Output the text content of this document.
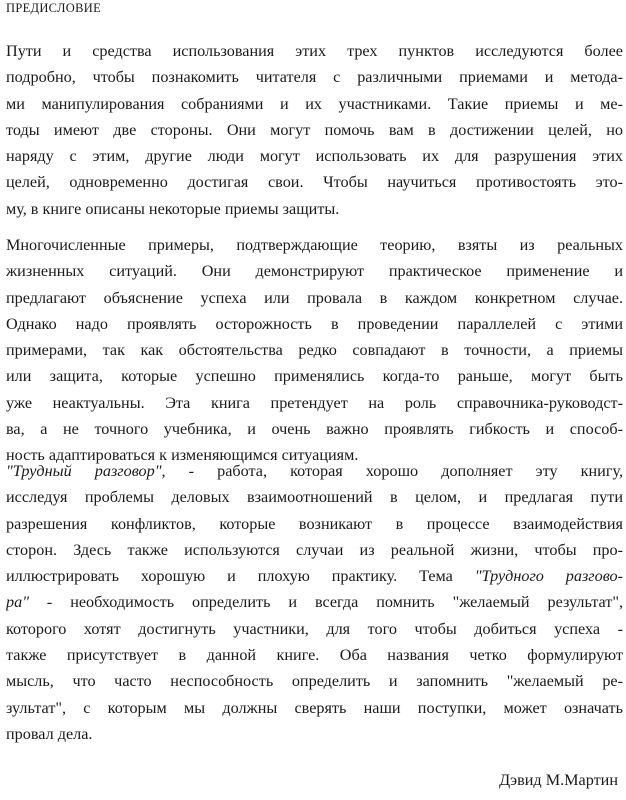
ПРЕДИСЛОВИЕ
Пути и средства использования этих трех пунктов исследуются более
подробно, чтобы познакомить читателя с различными приемами и метода-
ми манипулирования собраниями и их участниками. Такие приемы и ме-
тоды имеют две стороны. Они могут помочь вам в достижении целей, но
наряду с этим, другие люди могут использовать их для разрушения этих
целей, одновременно достигая свои. Чтобы научиться противостоять это-
му, в книге описаны некоторые приемы защиты.
Многочисленные примеры, подтверждающие теорию, взяты из реальных
жизненных ситуаций. Они демонстрируют практическое применение и
предлагают объяснение успеха или провала в каждом конкретном случае.
Однако надо проявлять осторожность в проведении параллелей с этими
примерами, так как обстоятельства редко совпадают в точности, а приемы
или защита, которые успешно применялись когда-то раньше, могут быть
уже неактуальны. Эта книга претендует на роль справочника-руководст-
ва, а не точного учебника, и очень важно проявлять гибкость и способ-
ность адаптироваться к изменяющимся ситуациям.
"Трудный разговор", - работа, которая хорошо дополняет эту книгу,
исследуя проблемы деловых взаимоотношений в целом, и предлагая пути
разрешения конфликтов, которые возникают в процессе взаимодействия
сторон. Здесь также используются случаи из реальной жизни, чтобы про-
иллюстрировать хорошую и плохую практику. Тема "Трудного разгово-
ра" - необходимость определить и всегда помнить "желаемый результат",
которого хотят достигнуть участники, для того чтобы добиться успеха -
также присутствует в данной книге. Оба названия четко формулируют
мысль, что часто неспособность определить и запомнить "желаемый ре-
зультат", с которым мы должны сверять наши поступки, может означать
провал дела.
Дэвид М.Мартин
